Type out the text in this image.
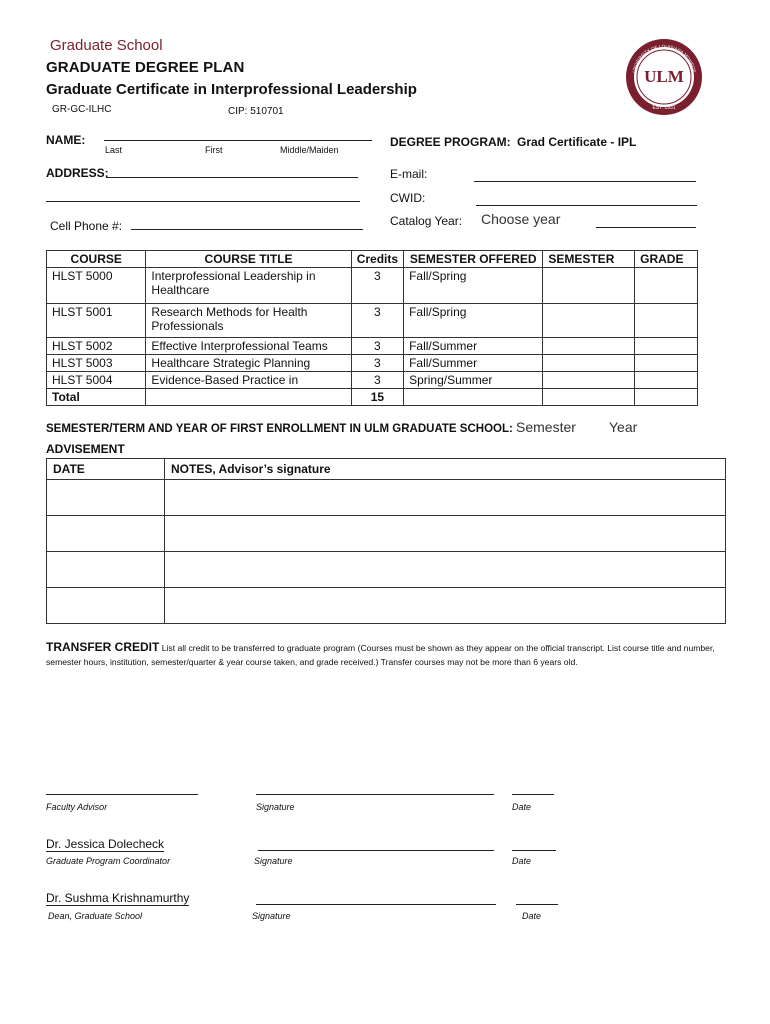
Graduate School
GRADUATE DEGREE PLAN
Graduate Certificate in Interprofessional Leadership
GR-GC-ILHC	CIP: 510701
ULM
EST. 1931
UNIVERSITY OF LOUISIANA MONROE
NAME:
Last	First	Middle/Maiden
ADDRESS:
Cell Phone #:
DEGREE PROGRAM: Grad Certificate - IPL
E-mail:
CWID:
Catalog Year: Choose year
COURSE	COURSE TITLE	Credits	SEMESTER OFFERED	SEMESTER	GRADE
HLST 5000	Interprofessional Leadership in Healthcare	3	Fall/Spring		
HLST 5001	Research Methods for Health Professionals	3	Fall/Spring		
HLST 5002	Effective Interprofessional Teams	3	Fall/Summer		
HLST 5003	Healthcare Strategic Planning	3	Fall/Summer		
HLST 5004	Evidence-Based Practice in	3	Spring/Summer		
Total		15			
SEMESTER/TERM AND YEAR OF FIRST ENROLLMENT IN ULM GRADUATE SCHOOL: Semester Year
ADVISEMENT
DATE	NOTES, Advisor’s signature

TRANSFER CREDIT List all credit to be transferred to graduate program (Courses must be shown as they appear on the official transcript. List course title and number, semester hours, institution, semester/quarter & year course taken, and grade received.) Transfer courses may not be more than 6 years old.
Faculty Advisor	Signature	Date
Dr. Jessica Dolecheck
Graduate Program Coordinator	Signature	Date
Dr. Sushma Krishnamurthy
Dean, Graduate School	Signature	Date
